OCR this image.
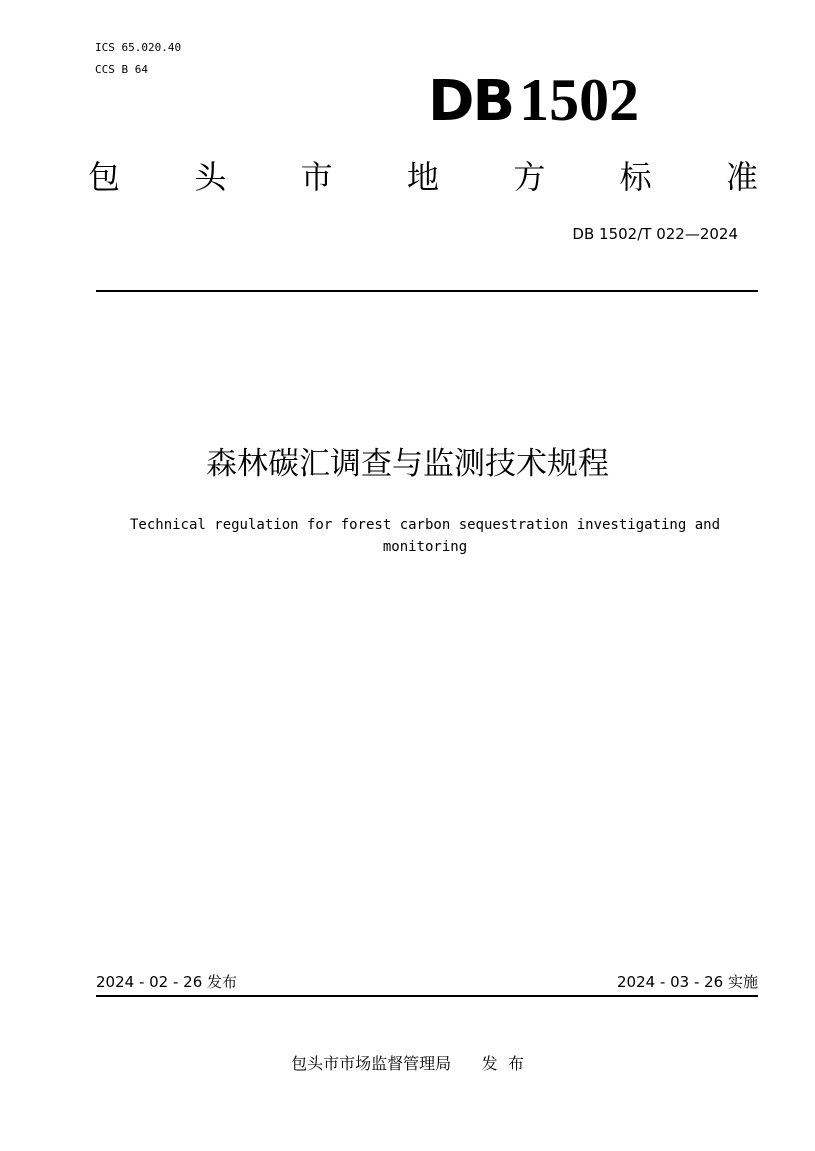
ICS 65.020.40
CCS B 64	DB 1502
包 头 市 地 方 标 准
DB 1502/T 022—2024
森林碳汇调查与监测技术规程
Technical regulation for forest carbon sequestration investigating and monitoring
2024 - 02 - 26 发布	2024 - 03 - 26 实施
包头市市场监督管理局      发  布
